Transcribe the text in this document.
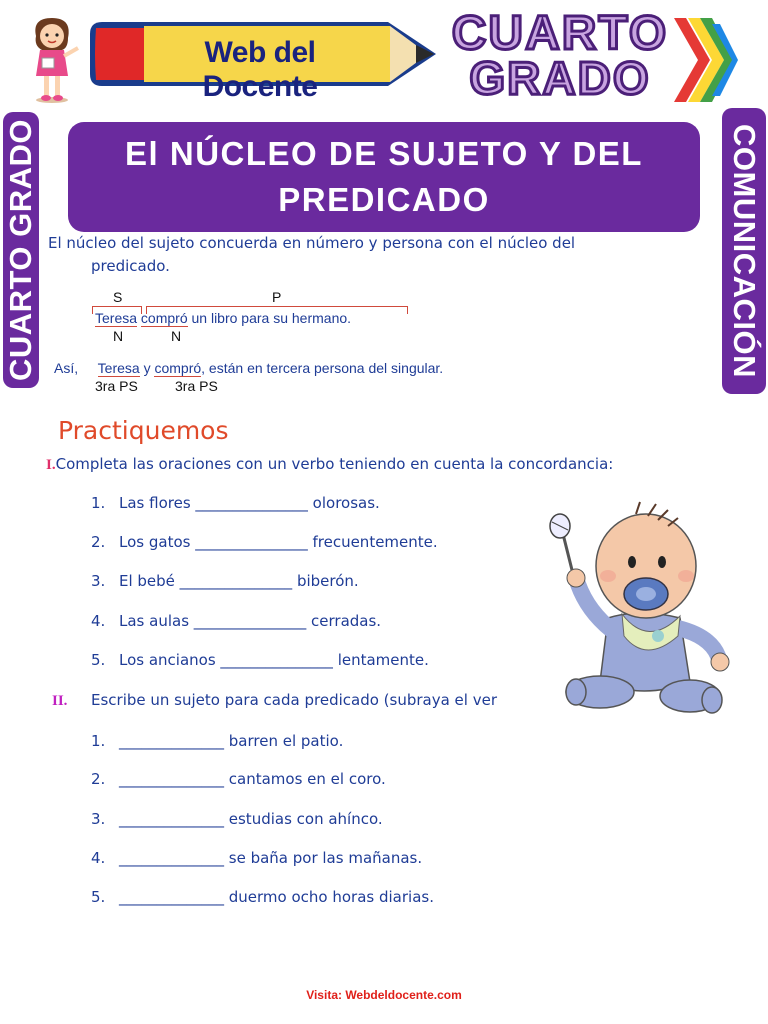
Web del Docente
CUARTO
GRADO
CUARTO GRADO	COMUNICACIÓN
El NÚCLEO DE SUJETO Y DEL
PREDICADO
El núcleo del sujeto concuerda en número y persona con el núcleo del
predicado.
S	P
Teresa compró un libro para su hermano.
N	N
Así, Teresa y compró, están en tercera persona del singular.
3ra PS	3ra PS
Practiquemos
I.Completa las oraciones con un verbo teniendo en cuenta la concordancia:
1. Las flores _______________ olorosas.
2. Los gatos _______________ frecuentemente.
3. El bebé _______________ biberón.
4. Las aulas _______________ cerradas.
5. Los ancianos _______________ lentamente.
II. Escribe un sujeto para cada predicado (subraya el ver
1. ______________ barren el patio.
2. ______________ cantamos en el coro.
3. ______________ estudias con ahínco.
4. ______________ se baña por las mañanas.
5. ______________ duermo ocho horas diarias.
Visita: Webdeldocente.com
